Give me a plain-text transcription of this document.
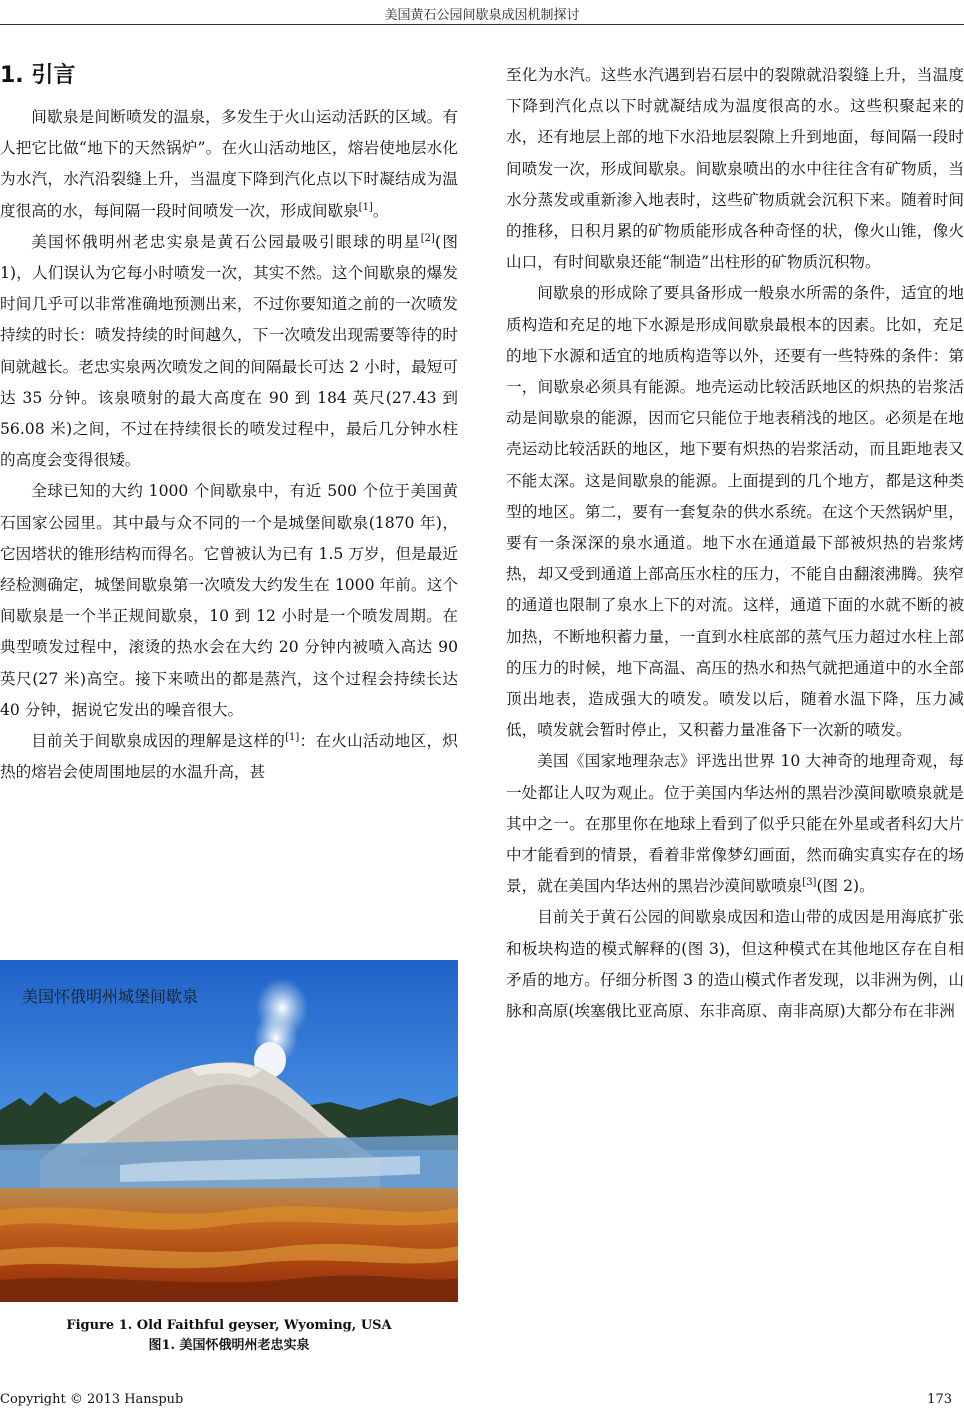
美国黄石公园间歇泉成因机制探讨
1. 引言

间歇泉是间断喷发的温泉，多发生于火山运动活跃的区域。有人把它比做“地下的天然锅炉”。在火山活动地区，熔岩使地层水化为水汽，水汽沿裂缝上升，当温度下降到汽化点以下时凝结成为温度很高的水，每间隔一段时间喷发一次，形成间歇泉[1]。

美国怀俄明州老忠实泉是黄石公园最吸引眼球的明星[2](图 1)，人们误认为它每小时喷发一次，其实不然。这个间歇泉的爆发时间几乎可以非常准确地预测出来，不过你要知道之前的一次喷发持续的时长：喷发持续的时间越久，下一次喷发出现需要等待的时间就越长。老忠实泉两次喷发之间的间隔最长可达 2 小时，最短可达 35 分钟。该泉喷射的最大高度在 90 到 184 英尺(27.43 到 56.08 米)之间，不过在持续很长的喷发过程中，最后几分钟水柱的高度会变得很矮。

全球已知的大约 1000 个间歇泉中，有近 500 个位于美国黄石国家公园里。其中最与众不同的一个是城堡间歇泉(1870 年)，它因塔状的锥形结构而得名。它曾被认为已有 1.5 万岁，但是最近经检测确定，城堡间歇泉第一次喷发大约发生在 1000 年前。这个间歇泉是一个半正规间歇泉，10 到 12 小时是一个喷发周期。在典型喷发过程中，滚烫的热水会在大约 20 分钟内被喷入高达 90 英尺(27 米)高空。接下来喷出的都是蒸汽，这个过程会持续长达 40 分钟，据说它发出的噪音很大。

目前关于间歇泉成因的理解是这样的[1]：在火山活动地区，炽热的熔岩会使周围地层的水温升高，甚

至化为水汽。这些水汽遇到岩石层中的裂隙就沿裂缝上升，当温度下降到汽化点以下时就凝结成为温度很高的水。这些积聚起来的水，还有地层上部的地下水沿地层裂隙上升到地面，每间隔一段时间喷发一次，形成间歇泉。间歇泉喷出的水中往往含有矿物质，当水分蒸发或重新渗入地表时，这些矿物质就会沉积下来。随着时间的推移，日积月累的矿物质能形成各种奇怪的状，像火山锥，像火山口，有时间歇泉还能“制造”出柱形的矿物质沉积物。

间歇泉的形成除了要具备形成一般泉水所需的条件，适宜的地质构造和充足的地下水源是形成间歇泉最根本的因素。比如，充足的地下水源和适宜的地质构造等以外，还要有一些特殊的条件：第一，间歇泉必须具有能源。地壳运动比较活跃地区的炽热的岩浆活动是间歇泉的能源，因而它只能位于地表稍浅的地区。必须是在地壳运动比较活跃的地区，地下要有炽热的岩浆活动，而且距地表又不能太深。这是间歇泉的能源。上面提到的几个地方，都是这种类型的地区。第二，要有一套复杂的供水系统。在这个天然锅炉里，要有一条深深的泉水通道。地下水在通道最下部被炽热的岩浆烤热，却又受到通道上部高压水柱的压力，不能自由翻滚沸腾。狭窄的通道也限制了泉水上下的对流。这样，通道下面的水就不断的被加热，不断地积蓄力量，一直到水柱底部的蒸气压力超过水柱上部的压力的时候，地下高温、高压的热水和热气就把通道中的水全部顶出地表，造成强大的喷发。喷发以后，随着水温下降，压力减低，喷发就会暂时停止，又积蓄力量准备下一次新的喷发。

美国《国家地理杂志》评选出世界 10 大神奇的地理奇观，每一处都让人叹为观止。位于美国内华达州的黑岩沙漠间歇喷泉就是其中之一。在那里你在地球上看到了似乎只能在外星或者科幻大片中才能看到的情景，看着非常像梦幻画面，然而确实真实存在的场景，就在美国内华达州的黑岩沙漠间歇喷泉[3](图 2)。

目前关于黄石公园的间歇泉成因和造山带的成因是用海底扩张和板块构造的模式解释的(图 3)，但这种模式在其他地区存在自相矛盾的地方。仔细分析图 3 的造山模式作者发现，以非洲为例，山脉和高原(埃塞俄比亚高原、东非高原、南非高原)大都分布在非洲

美国怀俄明州城堡间歇泉
Figure 1. Old Faithful geyser, Wyoming, USA
图1. 美国怀俄明州老忠实泉
Copyright © 2013 Hanspub	173
